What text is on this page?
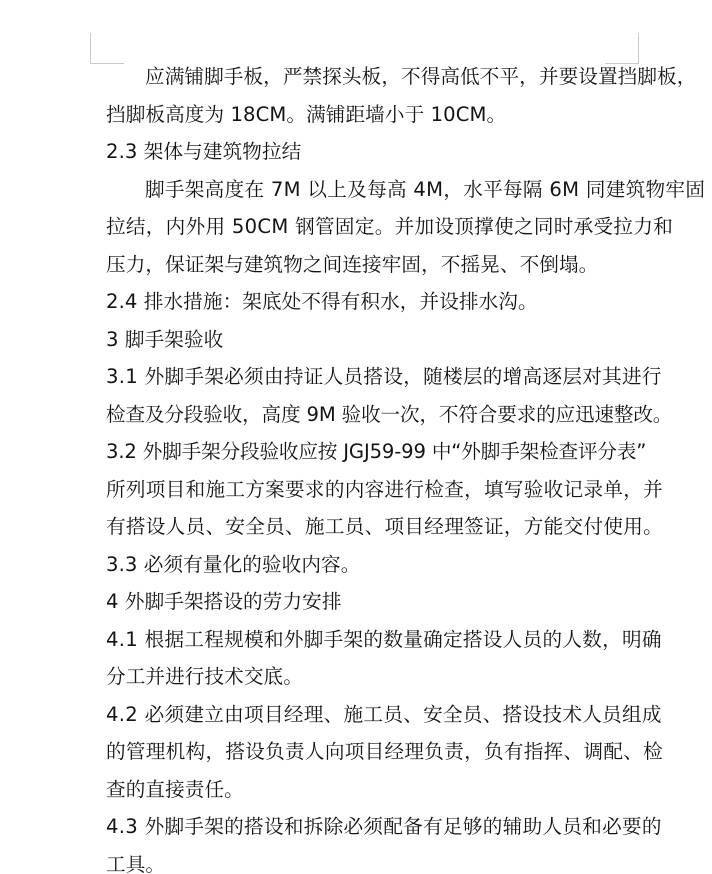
应满铺脚手板，严禁探头板，不得高低不平，并要设置挡脚板，
挡脚板高度为 18CM。满铺距墙小于 10CM。
2.3 架体与建筑物拉结
脚手架高度在 7M 以上及每高 4M，水平每隔 6M 同建筑物牢固
拉结，内外用 50CM 钢管固定。并加设顶撑使之同时承受拉力和
压力，保证架与建筑物之间连接牢固，不摇晃、不倒塌。
2.4 排水措施：架底处不得有积水，并设排水沟。
3 脚手架验收
3.1 外脚手架必须由持证人员搭设，随楼层的增高逐层对其进行
检查及分段验收，高度 9M 验收一次，不符合要求的应迅速整改。
3.2 外脚手架分段验收应按 JGJ59-99 中“外脚手架检查评分表”
所列项目和施工方案要求的内容进行检查，填写验收记录单，并
有搭设人员、安全员、施工员、项目经理签证，方能交付使用。
3.3 必须有量化的验收内容。
4 外脚手架搭设的劳力安排
4.1 根据工程规模和外脚手架的数量确定搭设人员的人数，明确
分工并进行技术交底。
4.2 必须建立由项目经理、施工员、安全员、搭设技术人员组成
的管理机构，搭设负责人向项目经理负责，负有指挥、调配、检
查的直接责任。
4.3 外脚手架的搭设和拆除必须配备有足够的辅助人员和必要的
工具。
